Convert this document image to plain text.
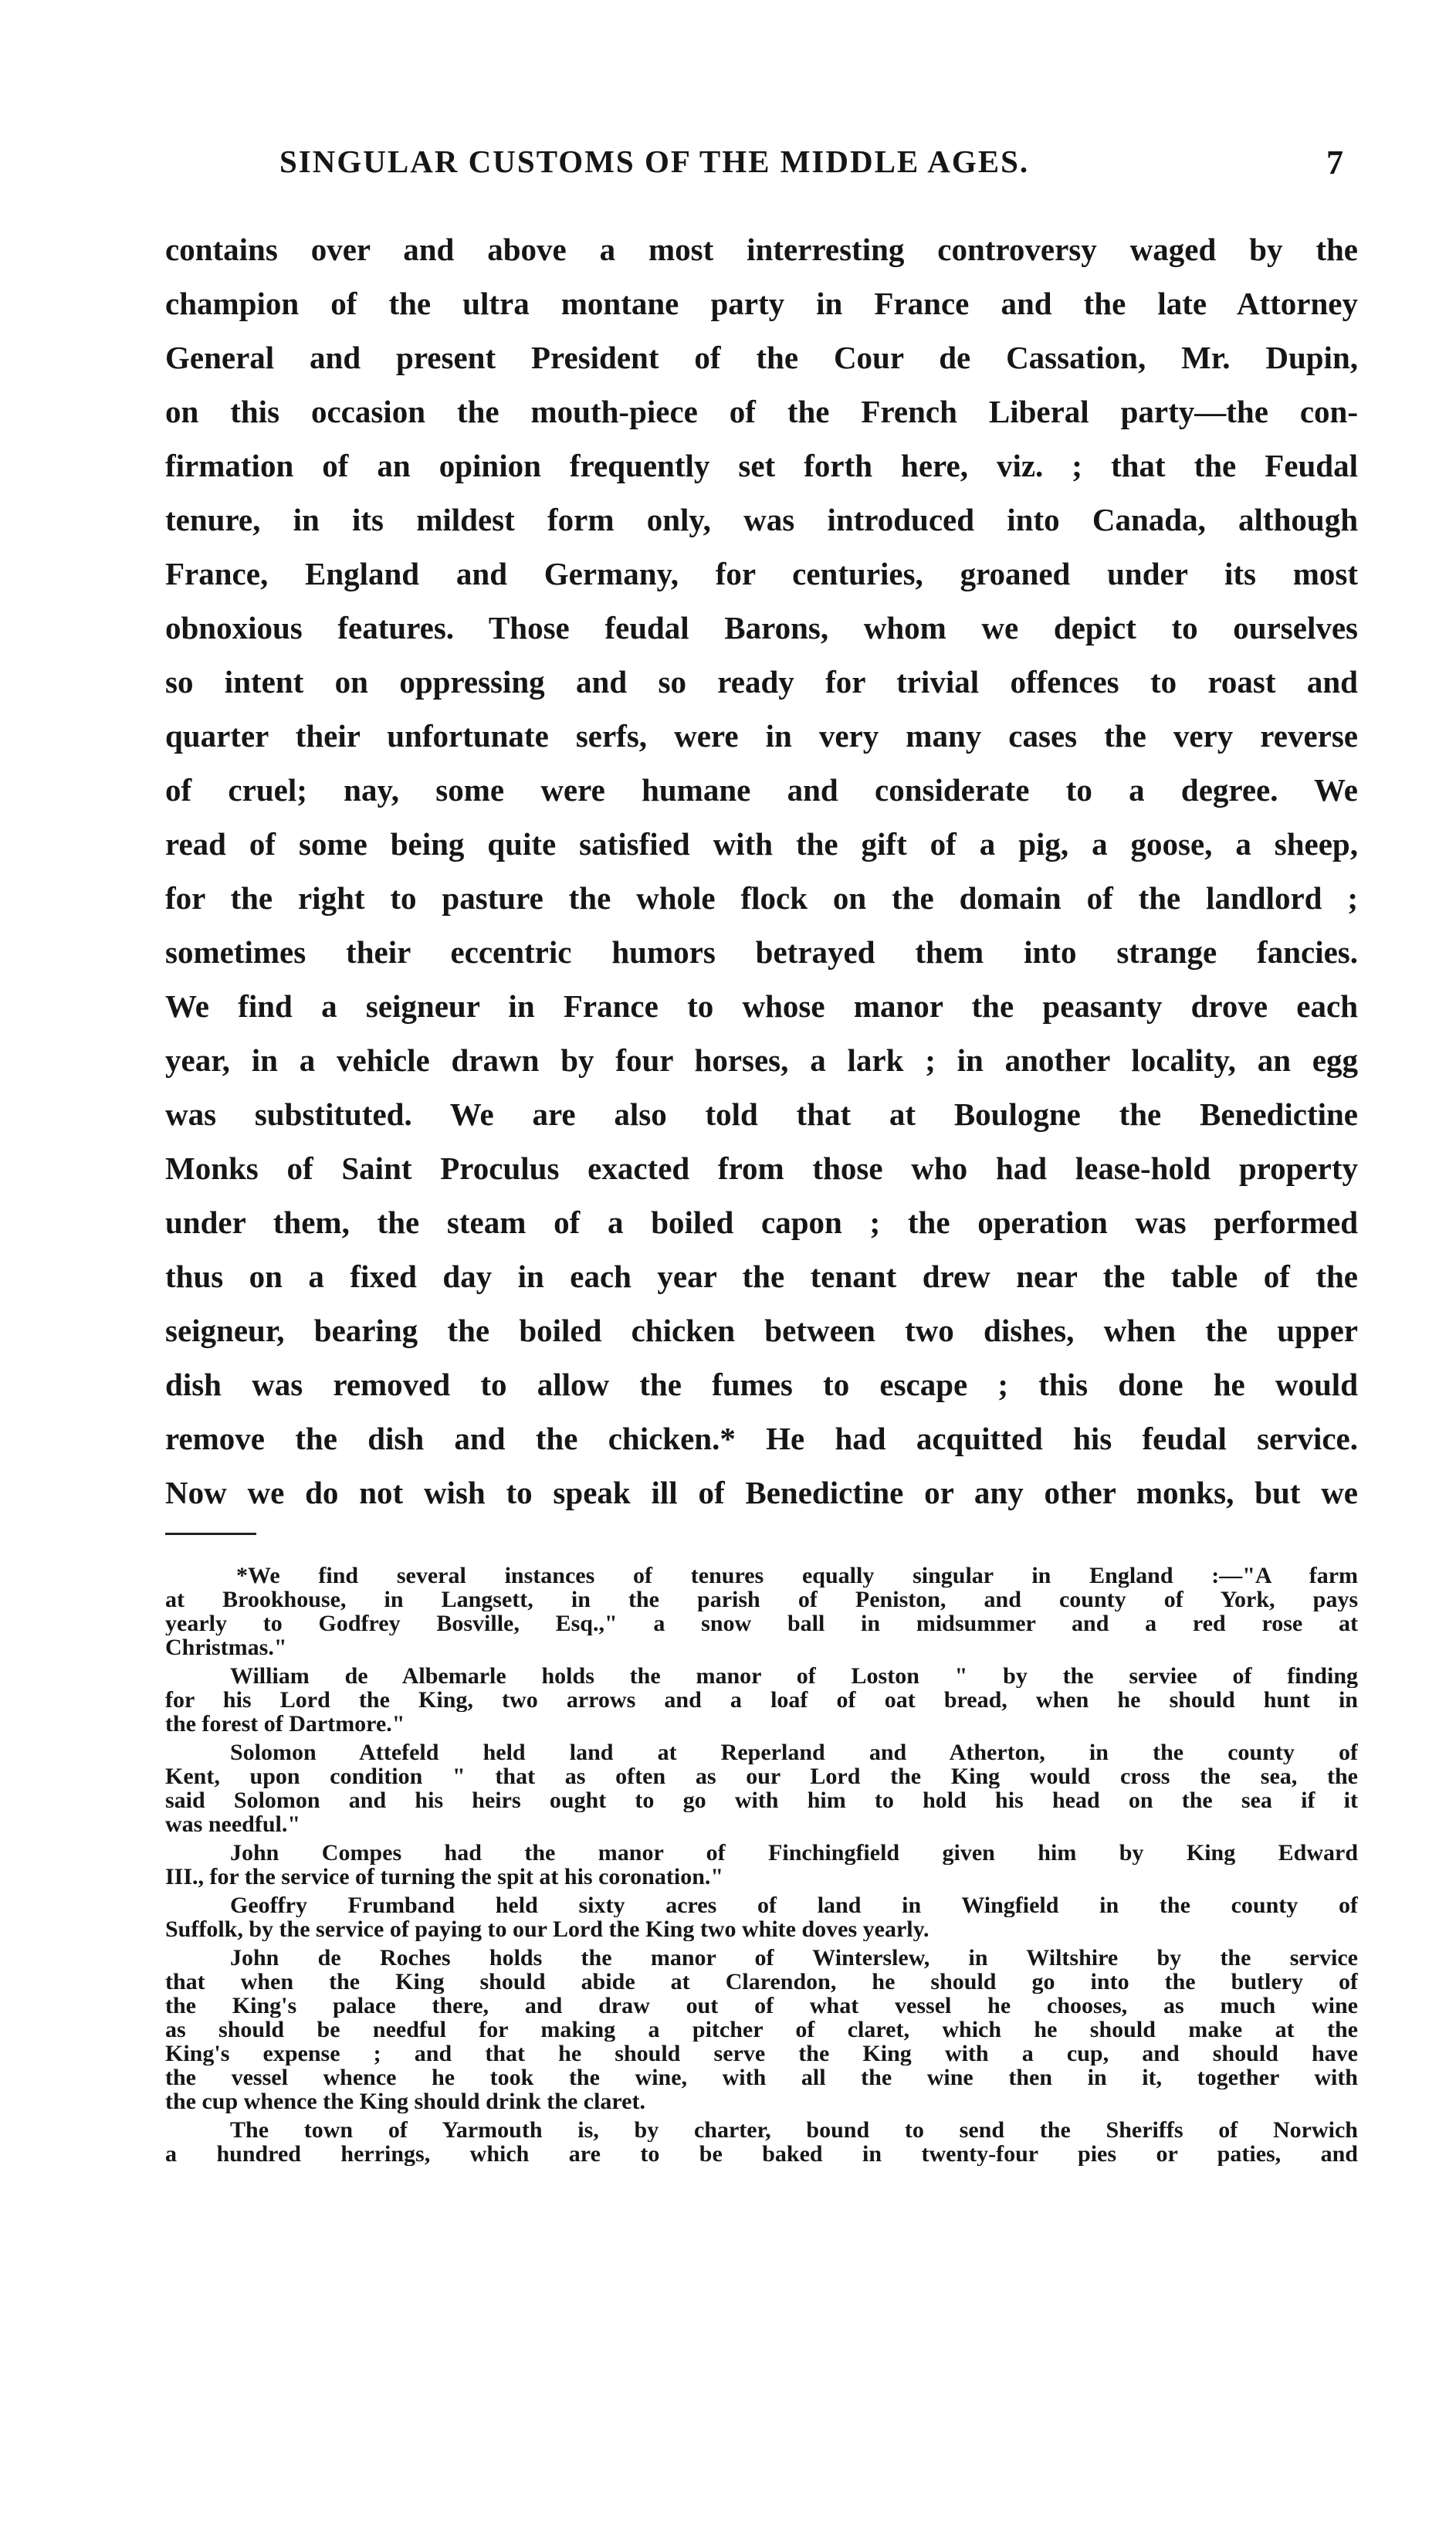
SINGULAR CUSTOMS OF THE MIDDLE AGES.	7
contains over and above a most interresting controversy waged by the
champion of the ultra montane party in France and the late Attorney
General and present President of the Cour de Cassation, Mr. Dupin,
on this occasion the mouth-piece of the French Liberal party—the con-
firmation of an opinion frequently set forth here, viz. ; that the Feudal
tenure, in its mildest form only, was introduced into Canada, although
France, England and Germany, for centuries, groaned under its most
obnoxious features. Those feudal Barons, whom we depict to ourselves
so intent on oppressing and so ready for trivial offences to roast and
quarter their unfortunate serfs, were in very many cases the very reverse
of cruel; nay, some were humane and considerate to a degree. We
read of some being quite satisfied with the gift of a pig, a goose, a sheep,
for the right to pasture the whole flock on the domain of the landlord ;
sometimes their eccentric humors betrayed them into strange fancies.
We find a seigneur in France to whose manor the peasanty drove each
year, in a vehicle drawn by four horses, a lark ; in another locality, an egg
was substituted. We are also told that at Boulogne the Benedictine
Monks of Saint Proculus exacted from those who had lease-hold property
under them, the steam of a boiled capon ; the operation was performed
thus on a fixed day in each year the tenant drew near the table of the
seigneur, bearing the boiled chicken between two dishes, when the upper
dish was removed to allow the fumes to escape ; this done he would
remove the dish and the chicken.* He had acquitted his feudal service.
Now we do not wish to speak ill of Benedictine or any other monks, but we
*We find several instances of tenures equally singular in England :—"A farm
at Brookhouse, in Langsett, in the parish of Peniston, and county of York, pays
yearly to Godfrey Bosville, Esq.," a snow ball in midsummer and a red rose at
Christmas."
William de Albemarle holds the manor of Loston " by the serviee of finding
for his Lord the King, two arrows and a loaf of oat bread, when he should hunt in
the forest of Dartmore."
Solomon Attefeld held land at Reperland and Atherton, in the county of
Kent, upon condition " that as often as our Lord the King would cross the sea, the
said Solomon and his heirs ought to go with him to hold his head on the sea if it
was needful."
John Compes had the manor of Finchingfield given him by King Edward
III., for the service of turning the spit at his coronation."
Geoffry Frumband held sixty acres of land in Wingfield in the county of
Suffolk, by the service of paying to our Lord the King two white doves yearly.
John de Roches holds the manor of Winterslew, in Wiltshire by the service
that when the King should abide at Clarendon, he should go into the butlery of
the King's palace there, and draw out of what vessel he chooses, as much wine
as should be needful for making a pitcher of claret, which he should make at the
King's expense ; and that he should serve the King with a cup, and should have
the vessel whence he took the wine, with all the wine then in it, together with
the cup whence the King should drink the claret.
The town of Yarmouth is, by charter, bound to send the Sheriffs of Norwich
a hundred herrings, which are to be baked in twenty-four pies or paties, and
